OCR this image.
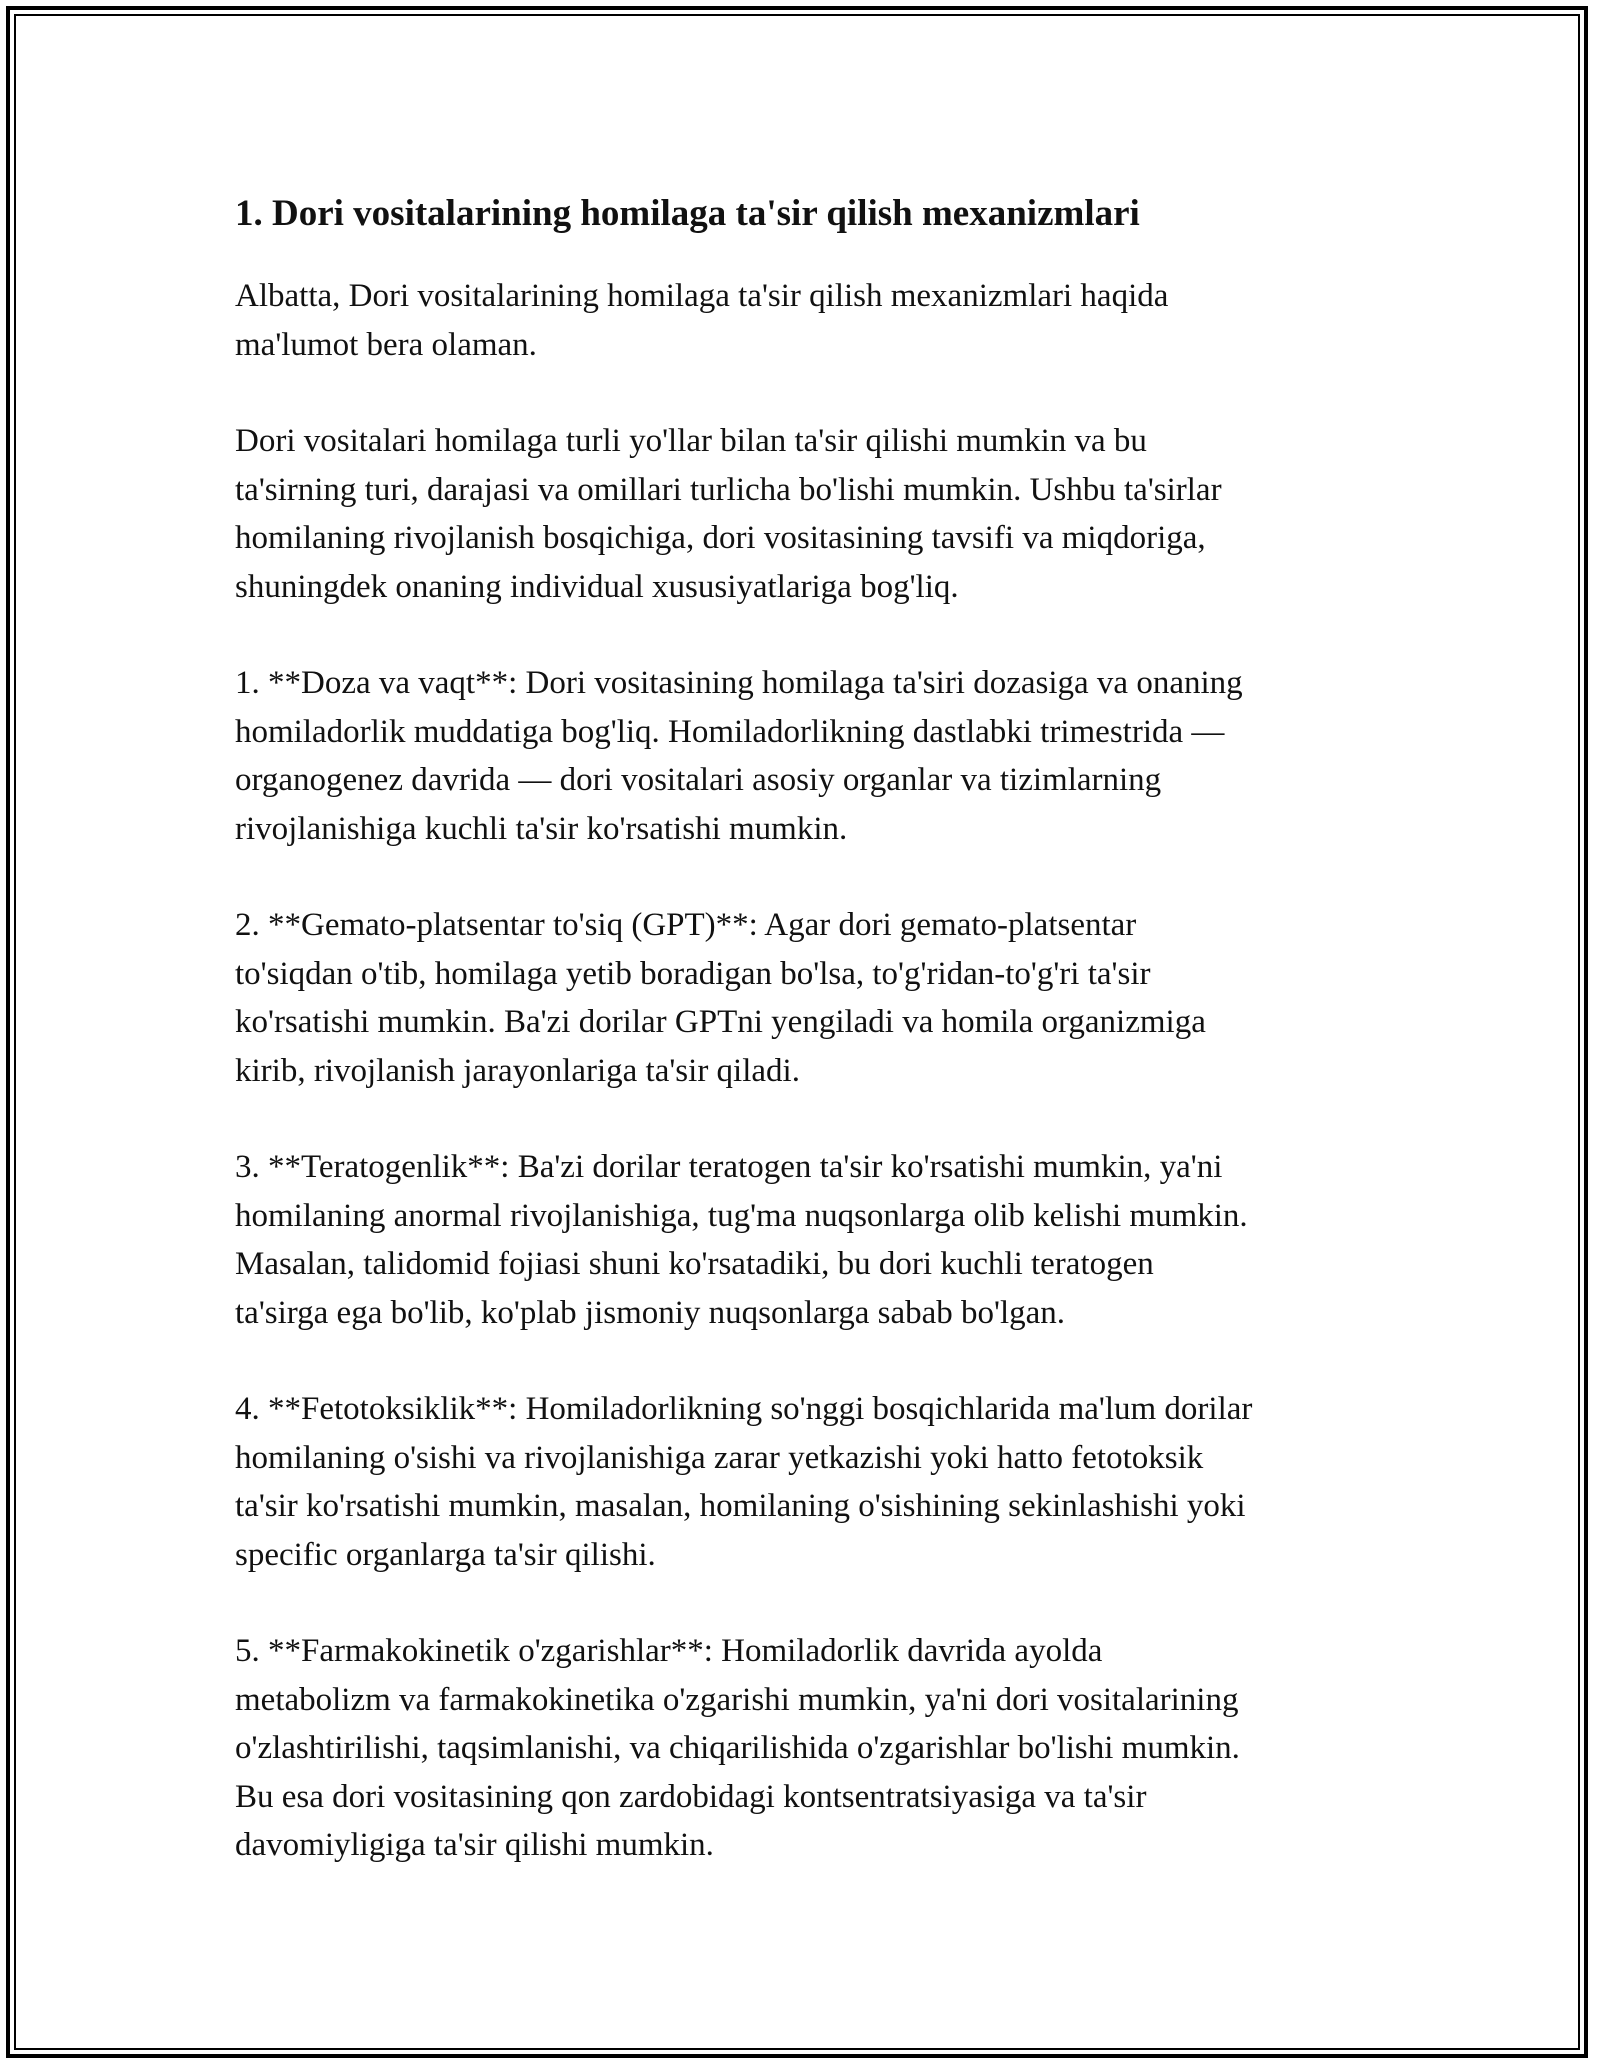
1. Dori vositalarining homilaga ta'sir qilish mexanizmlari

Albatta, Dori vositalarining homilaga ta'sir qilish mexanizmlari haqida
ma'lumot bera olaman.

Dori vositalari homilaga turli yo'llar bilan ta'sir qilishi mumkin va bu
ta'sirning turi, darajasi va omillari turlicha bo'lishi mumkin. Ushbu ta'sirlar
homilaning rivojlanish bosqichiga, dori vositasining tavsifi va miqdoriga,
shuningdek onaning individual xususiyatlariga bog'liq.

1. **Doza va vaqt**: Dori vositasining homilaga ta'siri dozasiga va onaning
homiladorlik muddatiga bog'liq. Homiladorlikning dastlabki trimestrida —
organogenez davrida — dori vositalari asosiy organlar va tizimlarning
rivojlanishiga kuchli ta'sir ko'rsatishi mumkin.

2. **Gemato-platsentar to'siq (GPT)**: Agar dori gemato-platsentar
to'siqdan o'tib, homilaga yetib boradigan bo'lsa, to'g'ridan-to'g'ri ta'sir
ko'rsatishi mumkin. Ba'zi dorilar GPTni yengiladi va homila organizmiga
kirib, rivojlanish jarayonlariga ta'sir qiladi.

3. **Teratogenlik**: Ba'zi dorilar teratogen ta'sir ko'rsatishi mumkin, ya'ni
homilaning anormal rivojlanishiga, tug'ma nuqsonlarga olib kelishi mumkin.
Masalan, talidomid fojiasi shuni ko'rsatadiki, bu dori kuchli teratogen
ta'sirga ega bo'lib, ko'plab jismoniy nuqsonlarga sabab bo'lgan.

4. **Fetotoksiklik**: Homiladorlikning so'nggi bosqichlarida ma'lum dorilar
homilaning o'sishi va rivojlanishiga zarar yetkazishi yoki hatto fetotoksik
ta'sir ko'rsatishi mumkin, masalan, homilaning o'sishining sekinlashishi yoki
specific organlarga ta'sir qilishi.

5. **Farmakokinetik o'zgarishlar**: Homiladorlik davrida ayolda
metabolizm va farmakokinetika o'zgarishi mumkin, ya'ni dori vositalarining
o'zlashtirilishi, taqsimlanishi, va chiqarilishida o'zgarishlar bo'lishi mumkin.
Bu esa dori vositasining qon zardobidagi kontsentratsiyasiga va ta'sir
davomiyligiga ta'sir qilishi mumkin.
